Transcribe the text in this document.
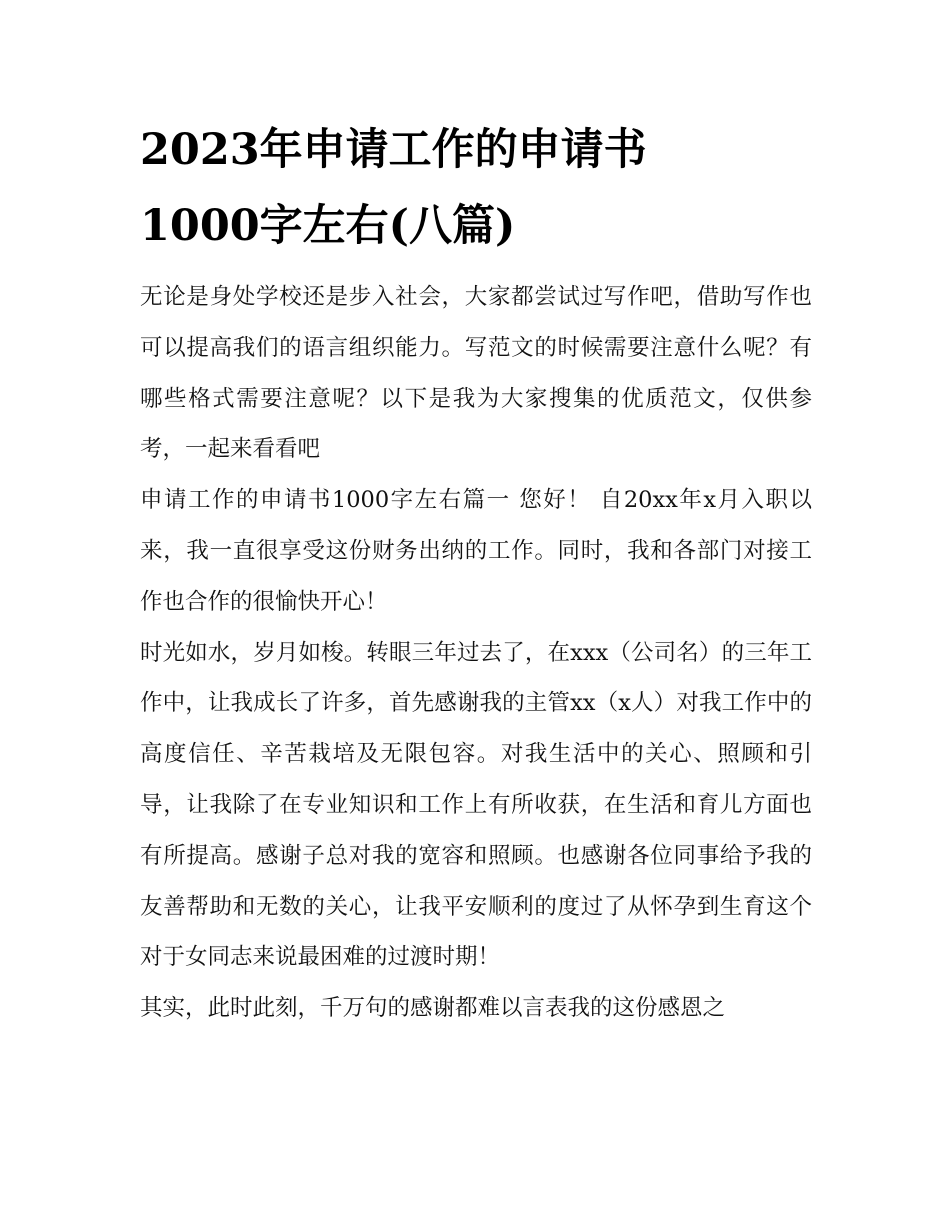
2023年申请工作的申请书
1000字左右(八篇)

无论是身处学校还是步入社会，大家都尝试过写作吧，借助写作也可以提高我们的语言组织能力。写范文的时候需要注意什么呢？有哪些格式需要注意呢？以下是我为大家搜集的优质范文，仅供参考，一起来看看吧

申请工作的申请书1000字左右篇一 您好！ 自20xx年x月入职以来，我一直很享受这份财务出纳的工作。同时，我和各部门对接工作也合作的很愉快开心！

时光如水，岁月如梭。转眼三年过去了，在xxx（公司名）的三年工作中，让我成长了许多，首先感谢我的主管xx（x人）对我工作中的高度信任、辛苦栽培及无限包容。对我生活中的关心、照顾和引导，让我除了在专业知识和工作上有所收获，在生活和育儿方面也有所提高。感谢子总对我的宽容和照顾。也感谢各位同事给予我的友善帮助和无数的关心，让我平安顺利的度过了从怀孕到生育这个对于女同志来说最困难的过渡时期！

其实，此时此刻，千万句的感谢都难以言表我的这份感恩之
